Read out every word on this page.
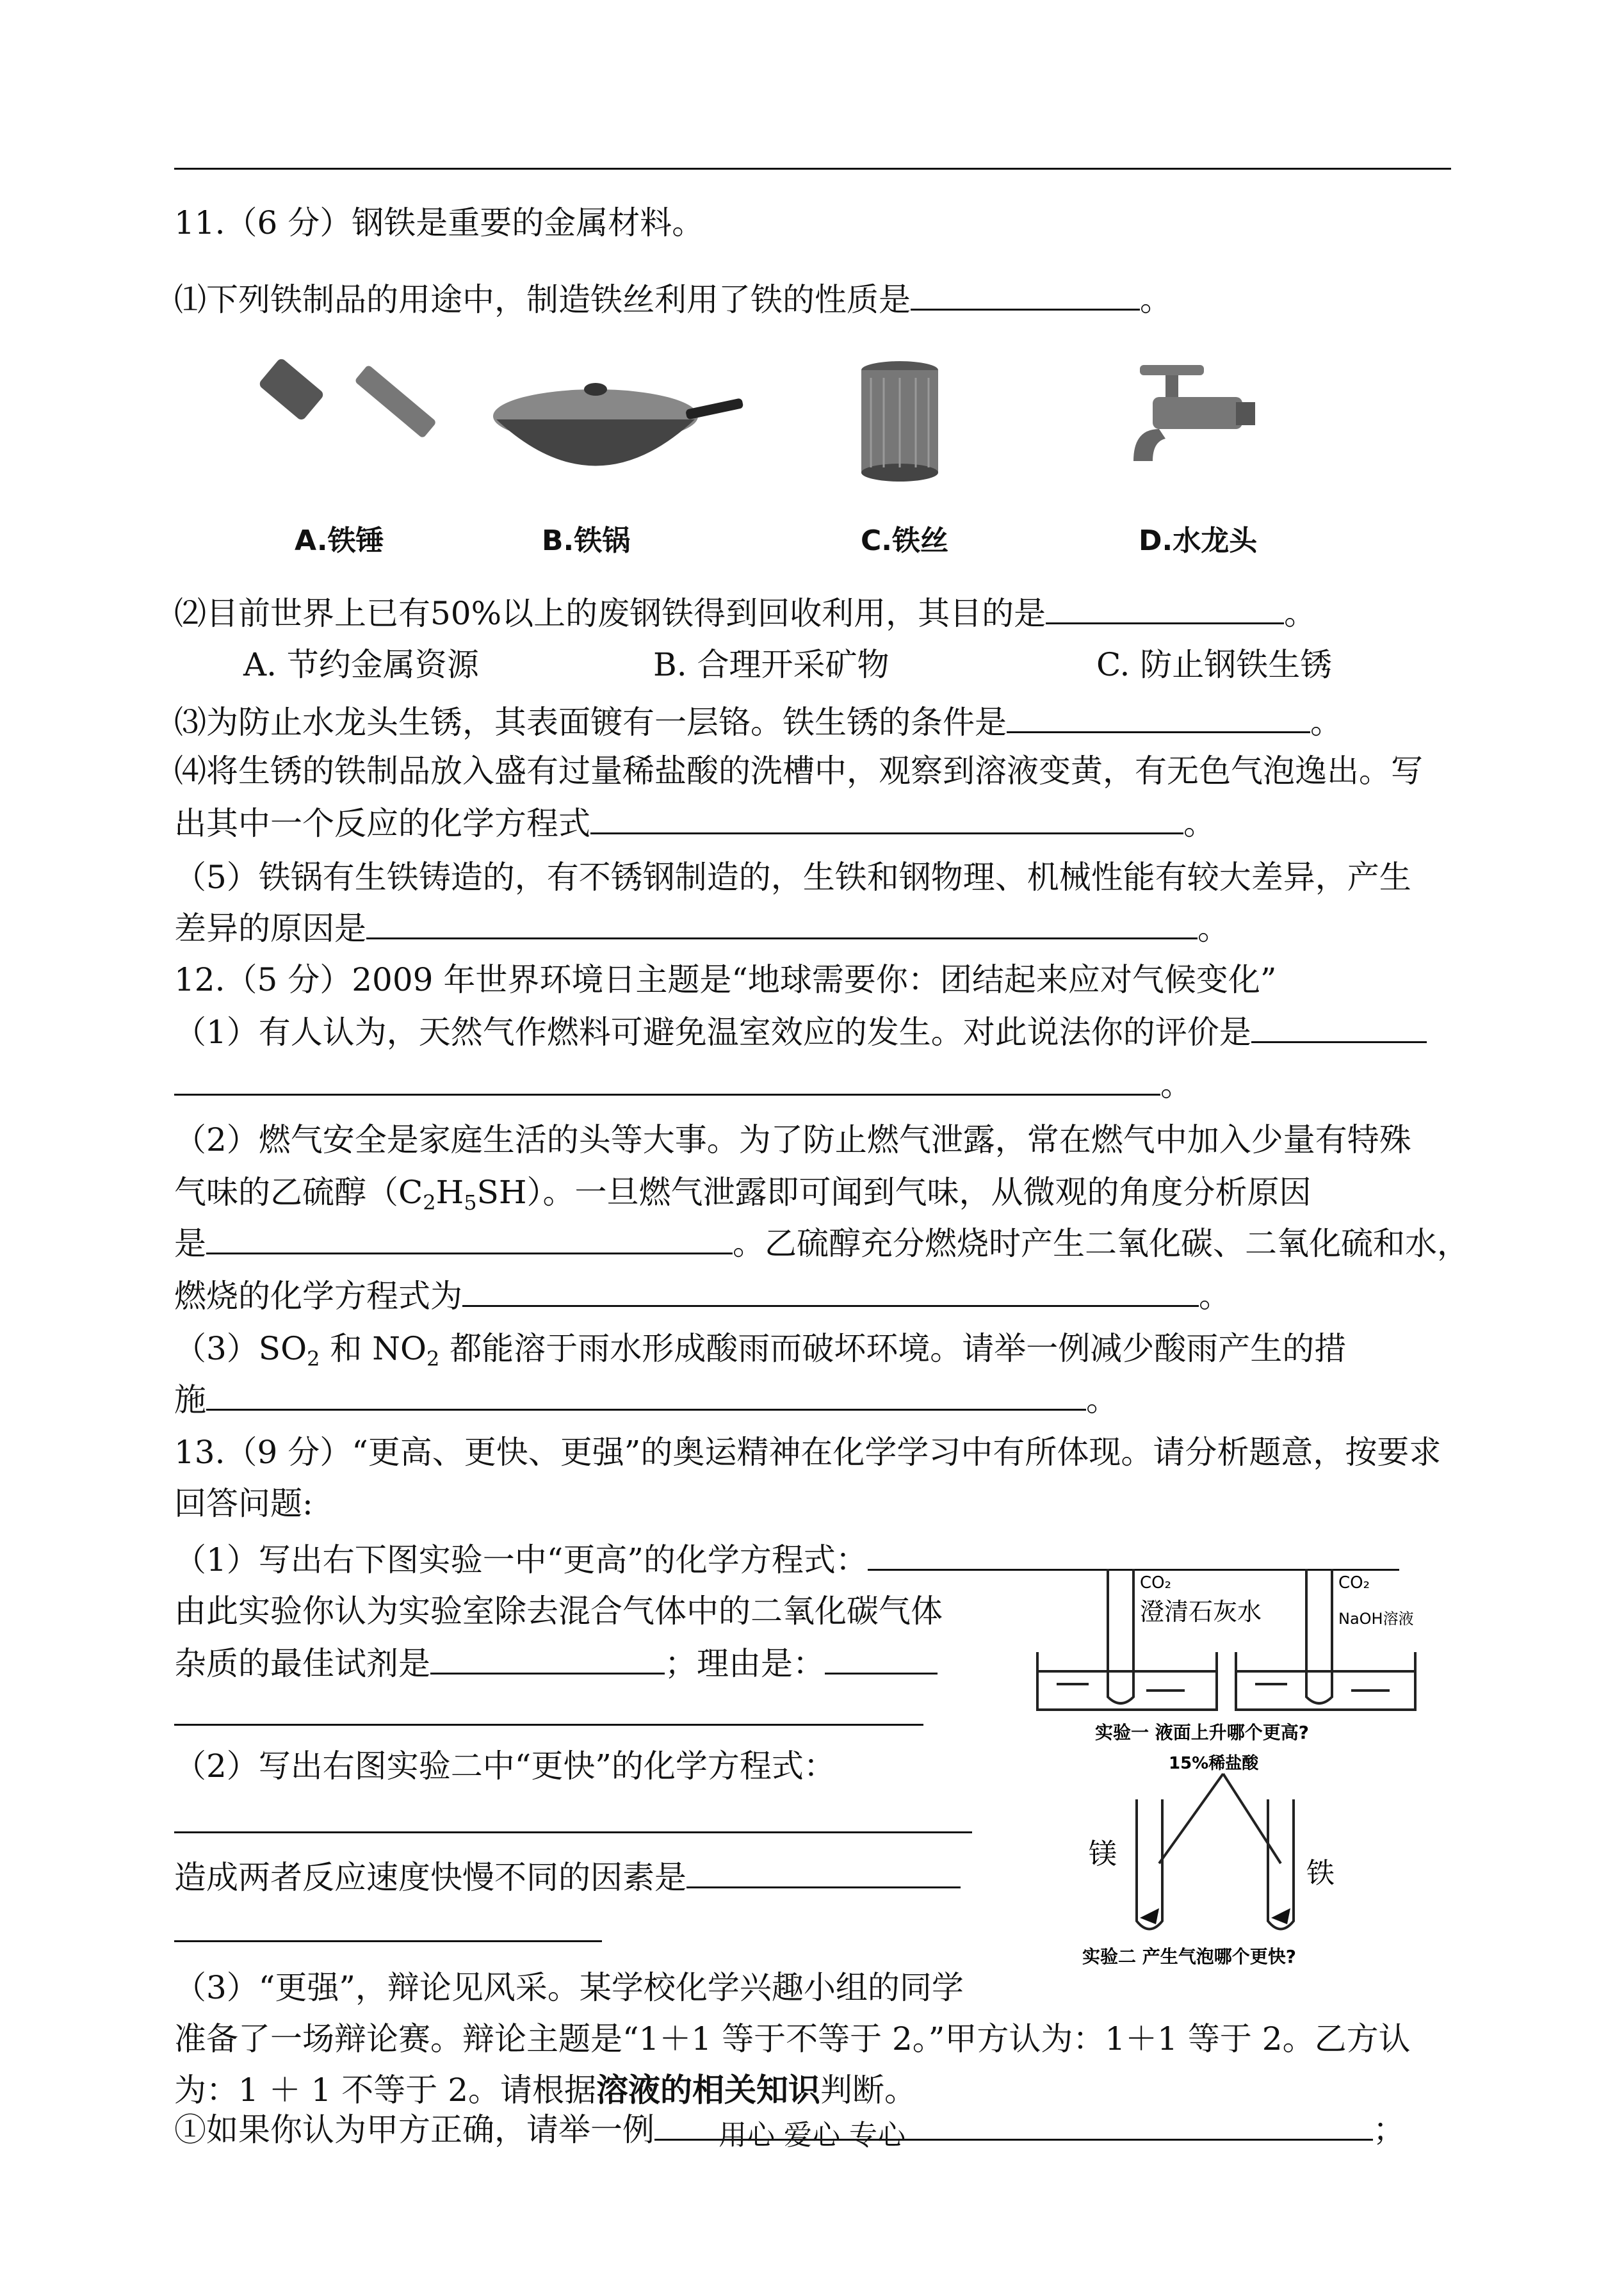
11.（6 分）钢铁是重要的金属材料。
⑴下列铁制品的用途中，制造铁丝利用了铁的性质是	。
A.铁锤	B.铁锅	C.铁丝	D.水龙头
⑵目前世界上已有50%以上的废钢铁得到回收利用，其目的是	。
A. 节约金属资源	B. 合理开采矿物	C. 防止钢铁生锈
⑶为防止水龙头生锈，其表面镀有一层铬。铁生锈的条件是	。
⑷将生锈的铁制品放入盛有过量稀盐酸的洗槽中，观察到溶液变黄，有无色气泡逸出。写
出其中一个反应的化学方程式	。
（5）铁锅有生铁铸造的，有不锈钢制造的，生铁和钢物理、机械性能有较大差异，产生
差异的原因是	。
12.（5 分）2009 年世界环境日主题是“地球需要你：团结起来应对气候变化”
（1）有人认为，天然气作燃料可避免温室效应的发生。对此说法你的评价是
。
（2）燃气安全是家庭生活的头等大事。为了防止燃气泄露，常在燃气中加入少量有特殊
气味的乙硫醇$(C_2H_5SH)$。一旦燃气泄露即可闻到气味，从微观的角度分析原因
是	。乙硫醇充分燃烧时产生二氧化碳、二氧化硫和水，
燃烧的化学方程式为	。
$(3)SO_2$ 和 $NO_2$ 都能溶于雨水形成酸雨而破坏环境。请举一例减少酸雨产生的措
施	。
13.（9 分）“更高、更快、更强”的奥运精神在化学学习中有所体现。请分析题意，按要求
回答问题:
（1）写出右下图实验一中“更高”的化学方程式：
由此实验你认为实验室除去混合气体中的二氧化碳气体
杂质的最佳试剂是	；理由是：
（2）写出右图实验二中“更快”的化学方程式：
造成两者反应速度快慢不同的因素是
（3）“更强”，辩论见风采。某学校化学兴趣小组的同学
准备了一场辩论赛。辩论主题是“1＋1 等于不等于 2。”甲方认为：1＋1 等于 2。乙方认
为：1 ＋ 1 不等于 2。请根据溶液的相关知识判断。
①如果你认为甲方正确，请举一例	；
CO₂	CO₂
澄清石灰水	NaOH溶液
实验一 液面上升哪个更高?
15%稀盐酸
镁
铁
实验二 产生气泡哪个更快?
用心 爱心 专心
